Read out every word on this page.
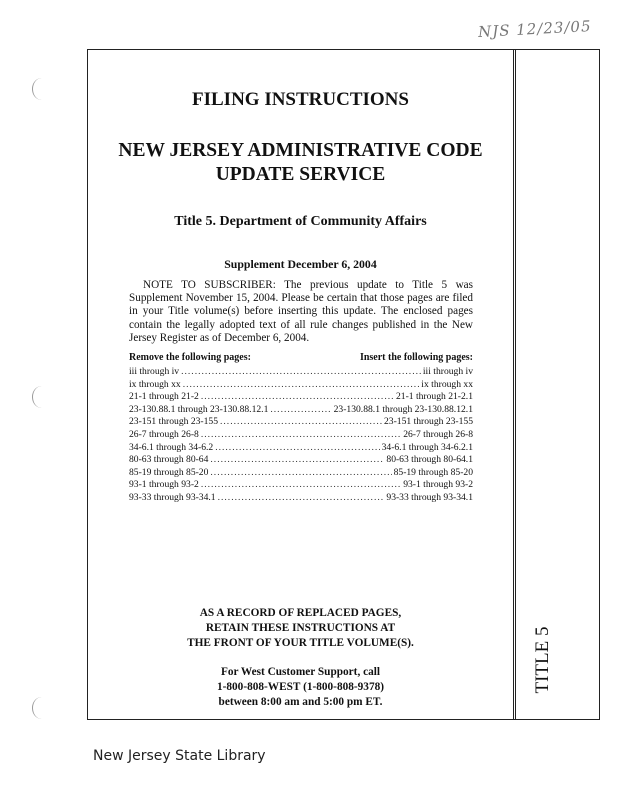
NJS 12/23/05
TITLE 5
FILING INSTRUCTIONS
NEW JERSEY ADMINISTRATIVE CODE
UPDATE SERVICE
Title 5. Department of Community Affairs
Supplement December 6, 2004
NOTE TO SUBSCRIBER: The previous update to Title 5 was Supplement November 15, 2004. Please be certain that those pages are filed in your Title volume(s) before inserting this update. The enclosed pages contain the legally adopted text of all rule changes published in the New Jersey Register as of December 6, 2004.
Remove the following pages:	Insert the following pages:
iii through iv .....	iii through iv
ix through xx .....	ix through xx
21-1 through 21-2 .....	21-1 through 21-2.1
23-130.88.1 through 23-130.88.12.1 .....	23-130.88.1 through 23-130.88.12.1
23-151 through 23-155 .....	23-151 through 23-155
26-7 through 26-8 .....	26-7 through 26-8
34-6.1 through 34-6.2 .....	34-6.1 through 34-6.2.1
80-63 through 80-64 .....	80-63 through 80-64.1
85-19 through 85-20 .....	85-19 through 85-20
93-1 through 93-2 .....	93-1 through 93-2
93-33 through 93-34.1 .....	93-33 through 93-34.1
AS A RECORD OF REPLACED PAGES,
RETAIN THESE INSTRUCTIONS AT
THE FRONT OF YOUR TITLE VOLUME(S).
For West Customer Support, call
1-800-808-WEST (1-800-808-9378)
between 8:00 am and 5:00 pm ET.
New Jersey State Library
